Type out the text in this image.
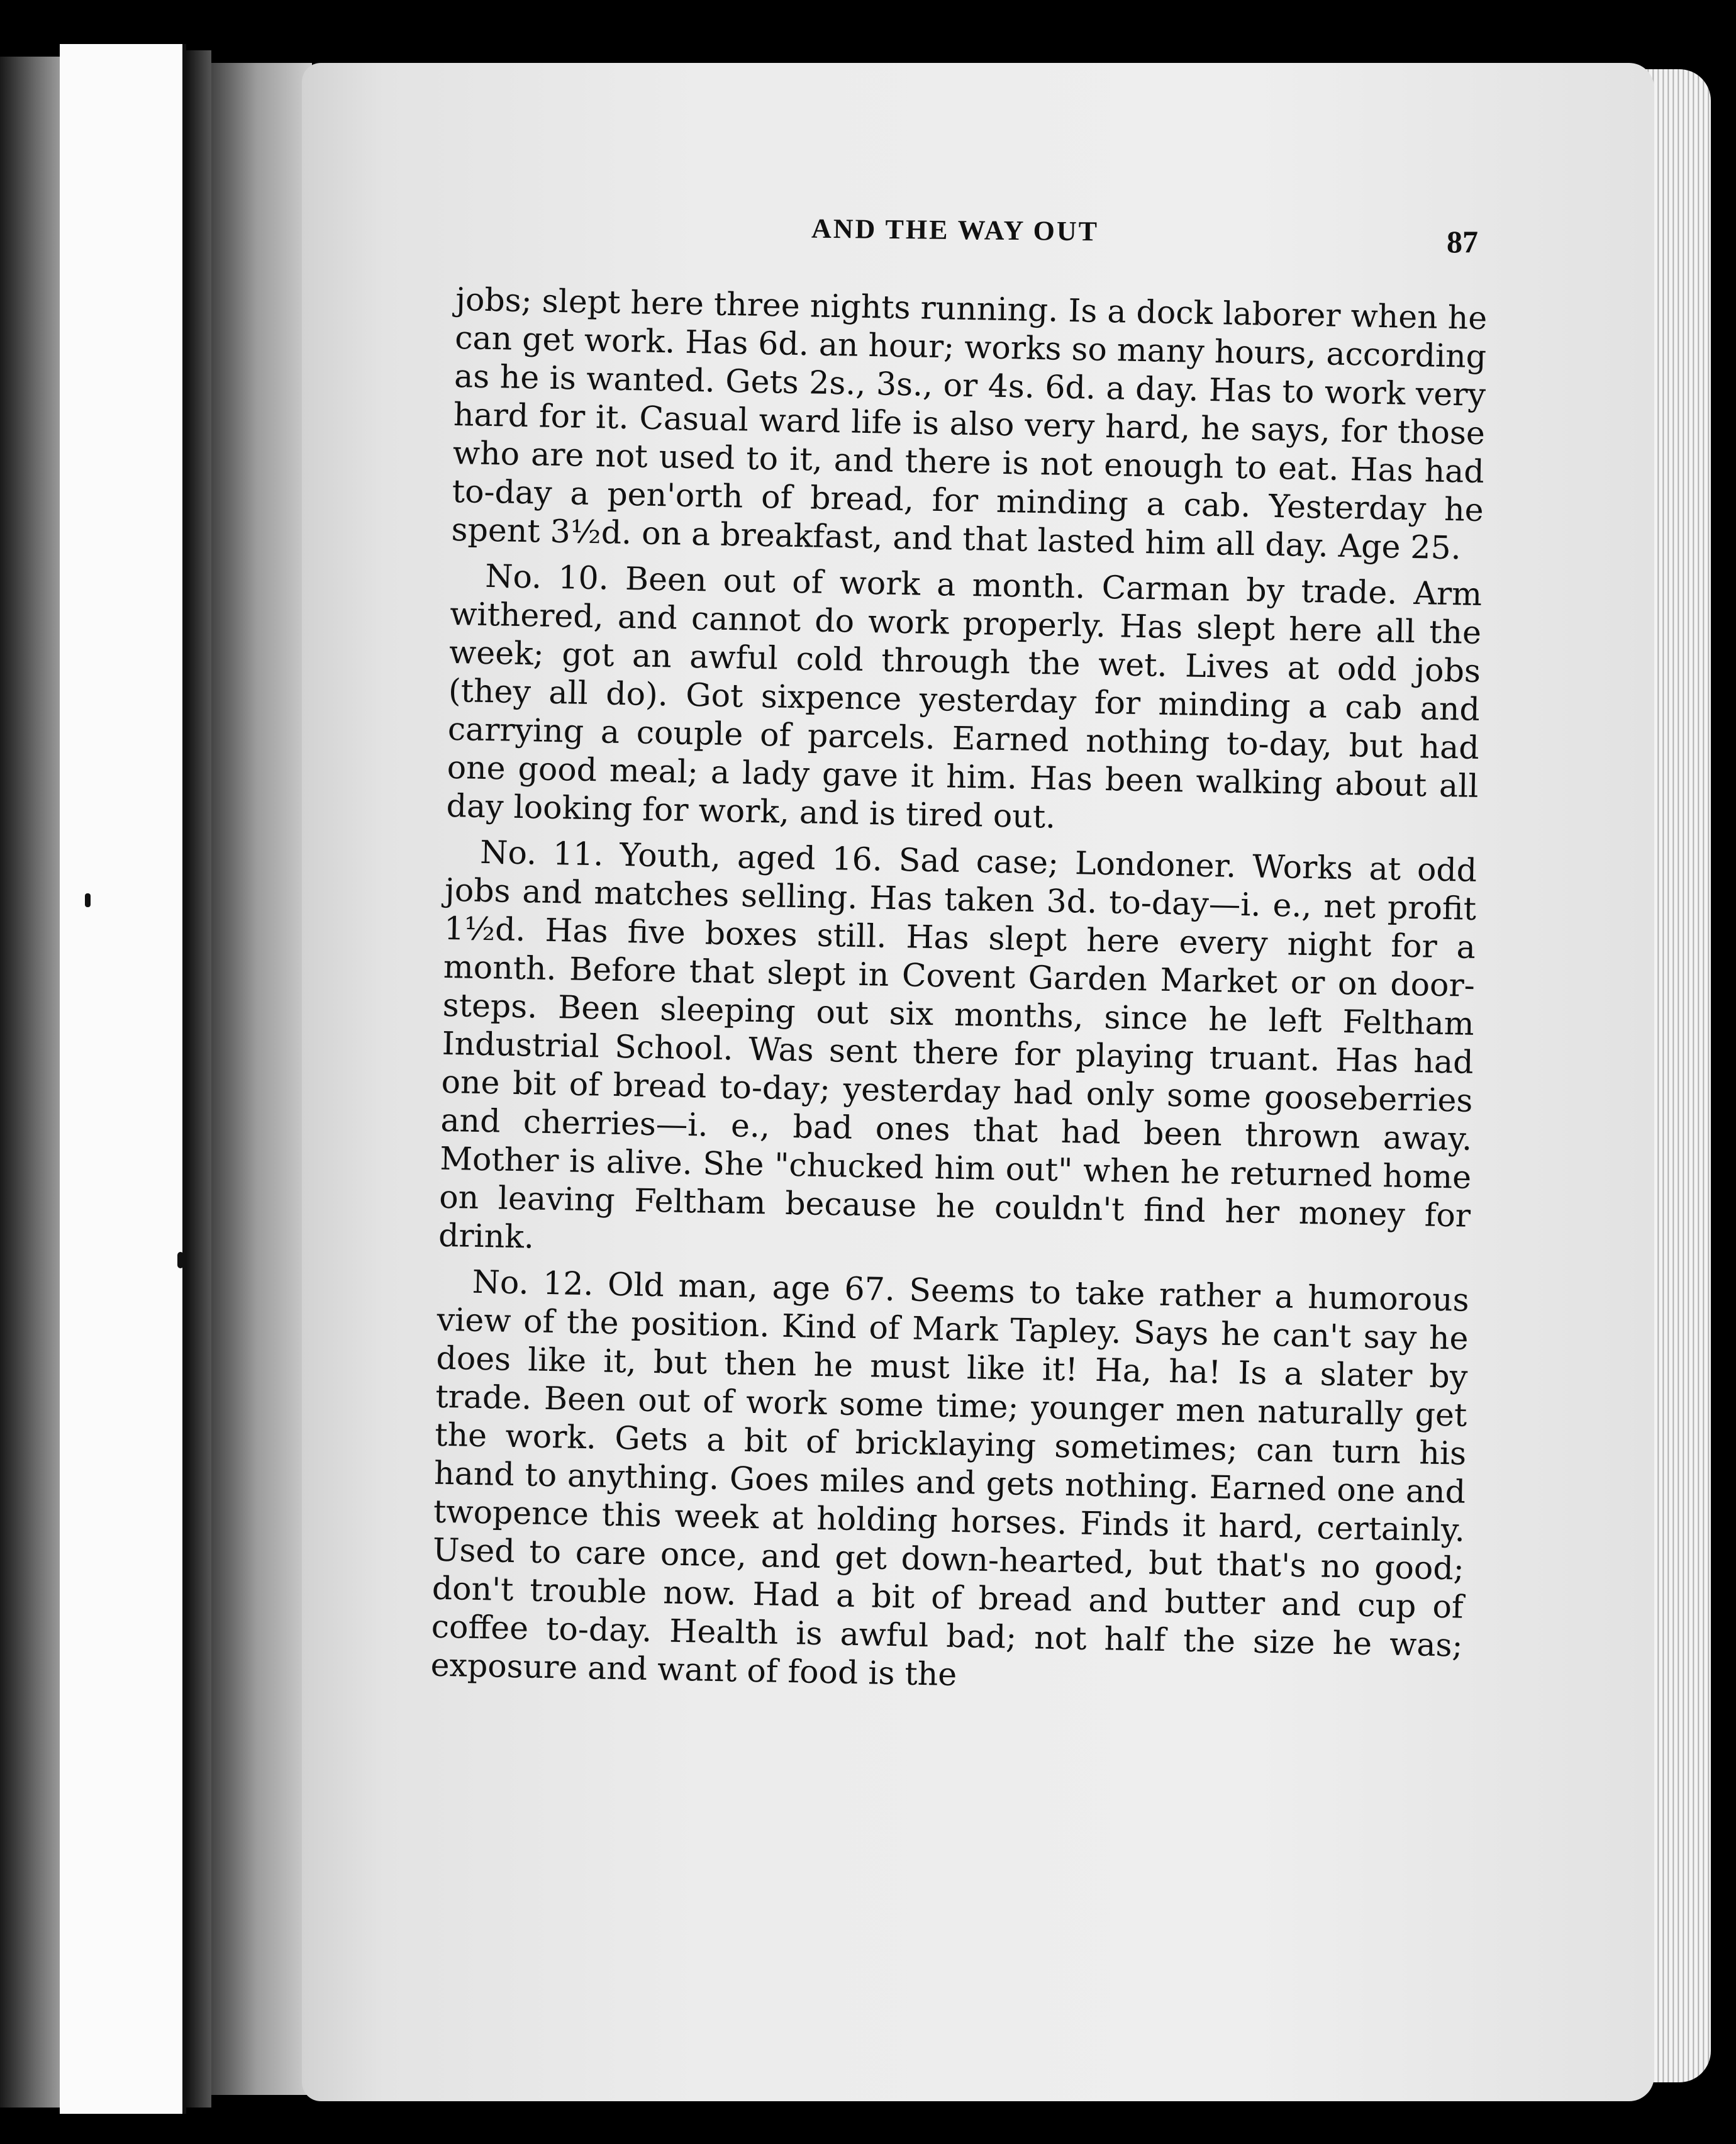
AND THE WAY OUT	87

jobs; slept here three nights running. Is a dock laborer when he can get work. Has 6d. an hour; works so many hours, according as he is wanted. Gets 2s., 3s., or 4s. 6d. a day. Has to work very hard for it. Casual ward life is also very hard, he says, for those who are not used to it, and there is not enough to eat. Has had to-day a pen'orth of bread, for minding a cab. Yesterday he spent 3½d. on a breakfast, and that lasted him all day. Age 25.

No. 10. Been out of work a month. Carman by trade. Arm withered, and cannot do work properly. Has slept here all the week; got an awful cold through the wet. Lives at odd jobs (they all do). Got sixpence yesterday for minding a cab and carrying a couple of parcels. Earned nothing to-day, but had one good meal; a lady gave it him. Has been walking about all day looking for work, and is tired out.

No. 11. Youth, aged 16. Sad case; Londoner. Works at odd jobs and matches selling. Has taken 3d. to-day—i. e., net profit 1½d. Has five boxes still. Has slept here every night for a month. Before that slept in Covent Garden Market or on door-steps. Been sleeping out six months, since he left Feltham Industrial School. Was sent there for playing truant. Has had one bit of bread to-day; yesterday had only some gooseberries and cherries—i. e., bad ones that had been thrown away. Mother is alive. She "chucked him out" when he returned home on leaving Feltham because he couldn't find her money for drink.

No. 12. Old man, age 67. Seems to take rather a humorous view of the position. Kind of Mark Tapley. Says he can't say he does like it, but then he must like it! Ha, ha! Is a slater by trade. Been out of work some time; younger men naturally get the work. Gets a bit of bricklaying sometimes; can turn his hand to anything. Goes miles and gets nothing. Earned one and twopence this week at holding horses. Finds it hard, certainly. Used to care once, and get down-hearted, but that's no good; don't trouble now. Had a bit of bread and butter and cup of coffee to-day. Health is awful bad; not half the size he was; exposure and want of food is the
